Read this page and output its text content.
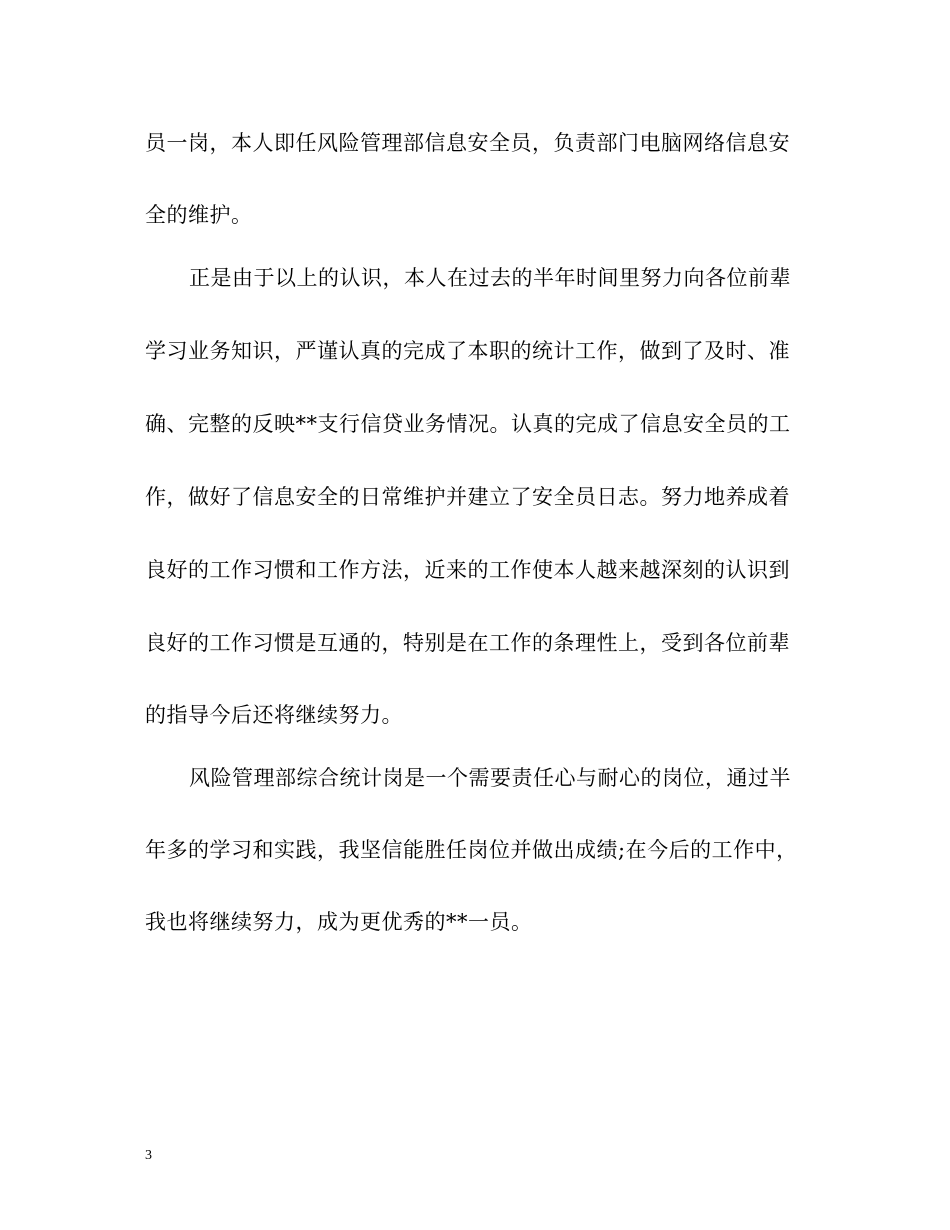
员一岗，本人即任风险管理部信息安全员，负责部门电脑网络信息安
全的维护。
正是由于以上的认识，本人在过去的半年时间里努力向各位前辈
学习业务知识，严谨认真的完成了本职的统计工作，做到了及时、准
确、完整的反映**支行信贷业务情况。认真的完成了信息安全员的工
作，做好了信息安全的日常维护并建立了安全员日志。努力地养成着
良好的工作习惯和工作方法，近来的工作使本人越来越深刻的认识到
良好的工作习惯是互通的，特别是在工作的条理性上，受到各位前辈
的指导今后还将继续努力。
风险管理部综合统计岗是一个需要责任心与耐心的岗位，通过半
年多的学习和实践，我坚信能胜任岗位并做出成绩;在今后的工作中，
我也将继续努力，成为更优秀的**一员。
3
